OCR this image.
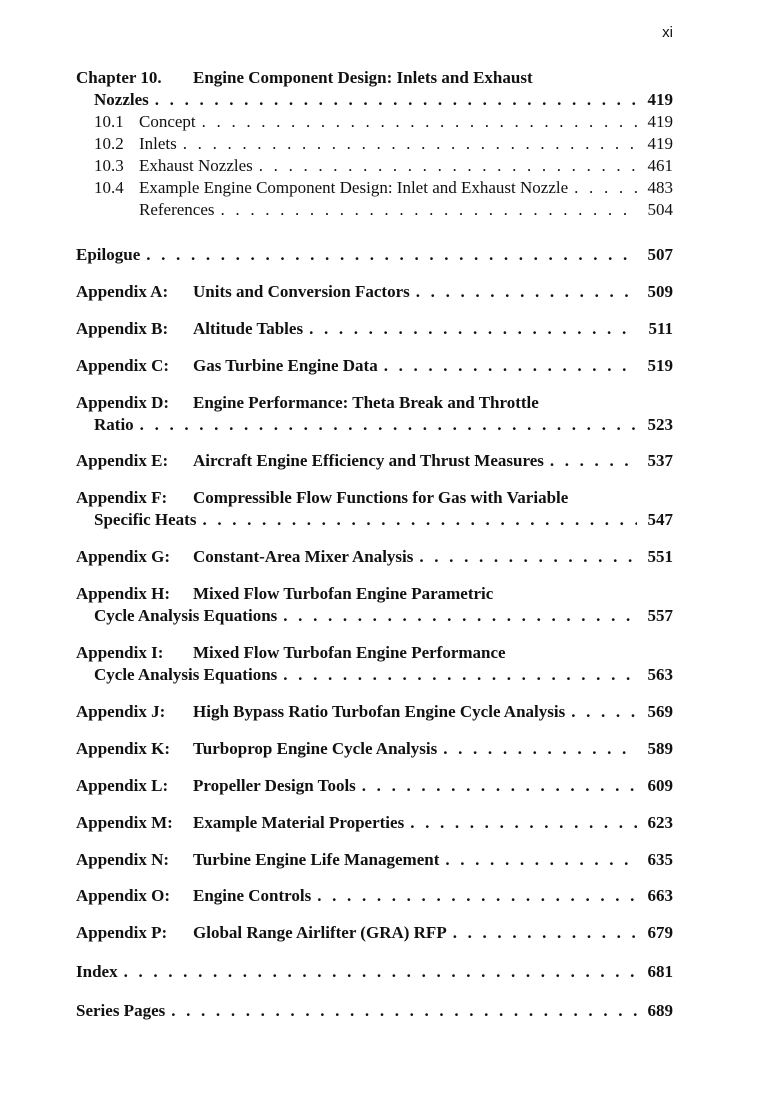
xi
Chapter 10.	Engine Component Design: Inlets and Exhaust
Nozzles . . .	419
10.1 Concept . . .	419
10.2 Inlets . . .	419
10.3 Exhaust Nozzles . . .	461
10.4 Example Engine Component Design: Inlet and Exhaust Nozzle . . .	483
References . . .	504
Epilogue . . .	507
Appendix A:	Units and Conversion Factors . . .	509
Appendix B:	Altitude Tables . . .	511
Appendix C:	Gas Turbine Engine Data . . .	519
Appendix D:	Engine Performance: Theta Break and Throttle
Ratio . . .	523
Appendix E:	Aircraft Engine Efficiency and Thrust Measures . . .	537
Appendix F:	Compressible Flow Functions for Gas with Variable
Specific Heats . . .	547
Appendix G:	Constant-Area Mixer Analysis . . .	551
Appendix H:	Mixed Flow Turbofan Engine Parametric
Cycle Analysis Equations . . .	557
Appendix I:	Mixed Flow Turbofan Engine Performance
Cycle Analysis Equations . . .	563
Appendix J:	High Bypass Ratio Turbofan Engine Cycle Analysis . . .	569
Appendix K:	Turboprop Engine Cycle Analysis . . .	589
Appendix L:	Propeller Design Tools . . .	609
Appendix M:	Example Material Properties . . .	623
Appendix N:	Turbine Engine Life Management . . .	635
Appendix O:	Engine Controls . . .	663
Appendix P:	Global Range Airlifter (GRA) RFP . . .	679
Index . . .	681
Series Pages . . .	689
